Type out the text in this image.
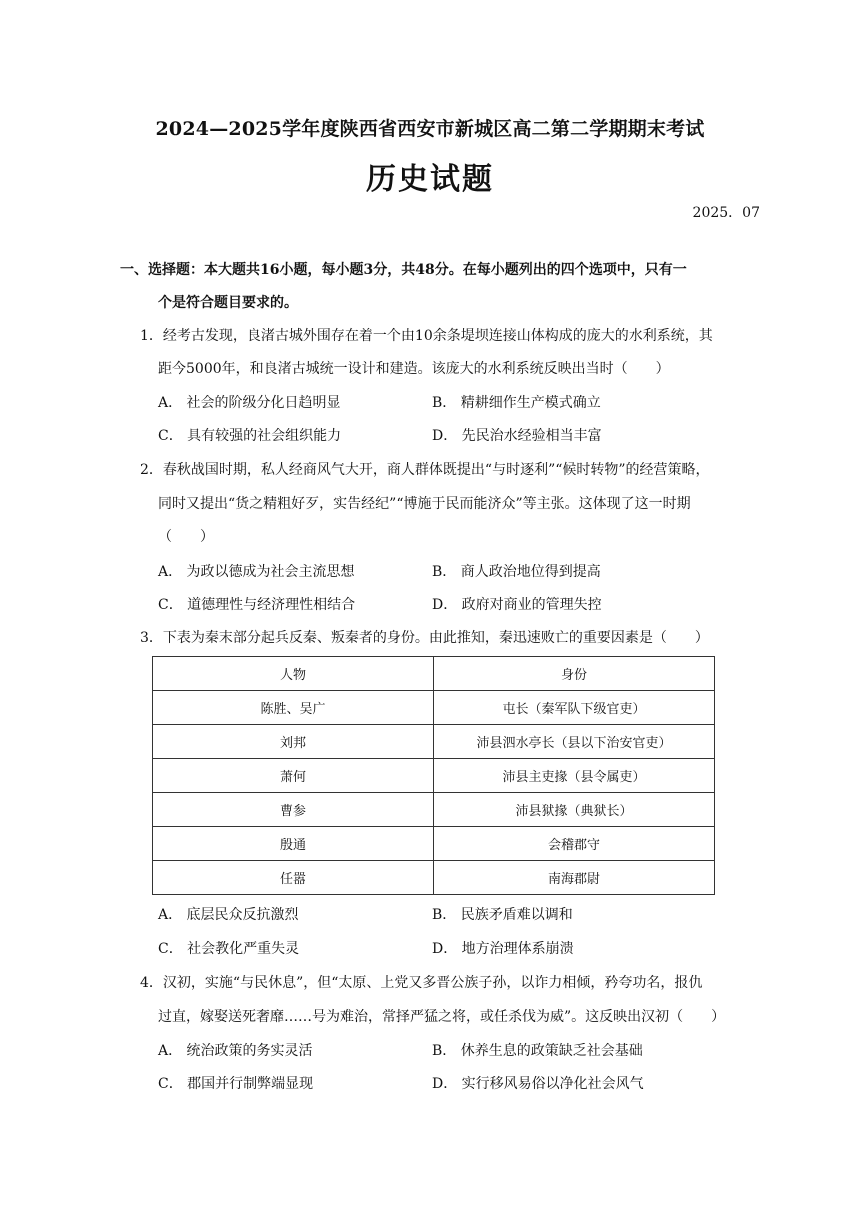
2024—2025学年度陕西省西安市新城区高二第二学期期末考试
历史试题
2025．07
一、选择题：本大题共16小题，每小题3分，共48分。在每小题列出的四个选项中，只有一
个是符合题目要求的。
1．经考古发现，良渚古城外围存在着一个由10余条堤坝连接山体构成的庞大的水利系统，其
距今5000年，和良渚古城统一设计和建造。该庞大的水利系统反映出当时（　　）
A． 社会的阶级分化日趋明显	B． 精耕细作生产模式确立
C． 具有较强的社会组织能力	D． 先民治水经验相当丰富
2．春秋战国时期，私人经商风气大开，商人群体既提出“与时逐利”“候时转物”的经营策略，
同时又提出“货之精粗好歹，实告经纪”“博施于民而能济众”等主张。这体现了这一时期
（　　）
A． 为政以德成为社会主流思想	B． 商人政治地位得到提高
C． 道德理性与经济理性相结合	D． 政府对商业的管理失控
3．下表为秦末部分起兵反秦、叛秦者的身份。由此推知，秦迅速败亡的重要因素是（　　）
人物	身份
陈胜、吴广	屯长（秦军队下级官吏）
刘邦	沛县泗水亭长（县以下治安官吏）
萧何	沛县主吏掾（县令属吏）
曹参	沛县狱掾（典狱长）
殷通	会稽郡守
任嚣	南海郡尉
A． 底层民众反抗激烈	B． 民族矛盾难以调和
C． 社会教化严重失灵	D． 地方治理体系崩溃
4．汉初，实施“与民休息”，但“太原、上党又多晋公族子孙，以诈力相倾，矜夸功名，报仇
过直，嫁娶送死奢靡……号为难治，常择严猛之将，或任杀伐为威”。这反映出汉初（　　）
A． 统治政策的务实灵活	B． 休养生息的政策缺乏社会基础
C． 郡国并行制弊端显现	D． 实行移风易俗以净化社会风气
